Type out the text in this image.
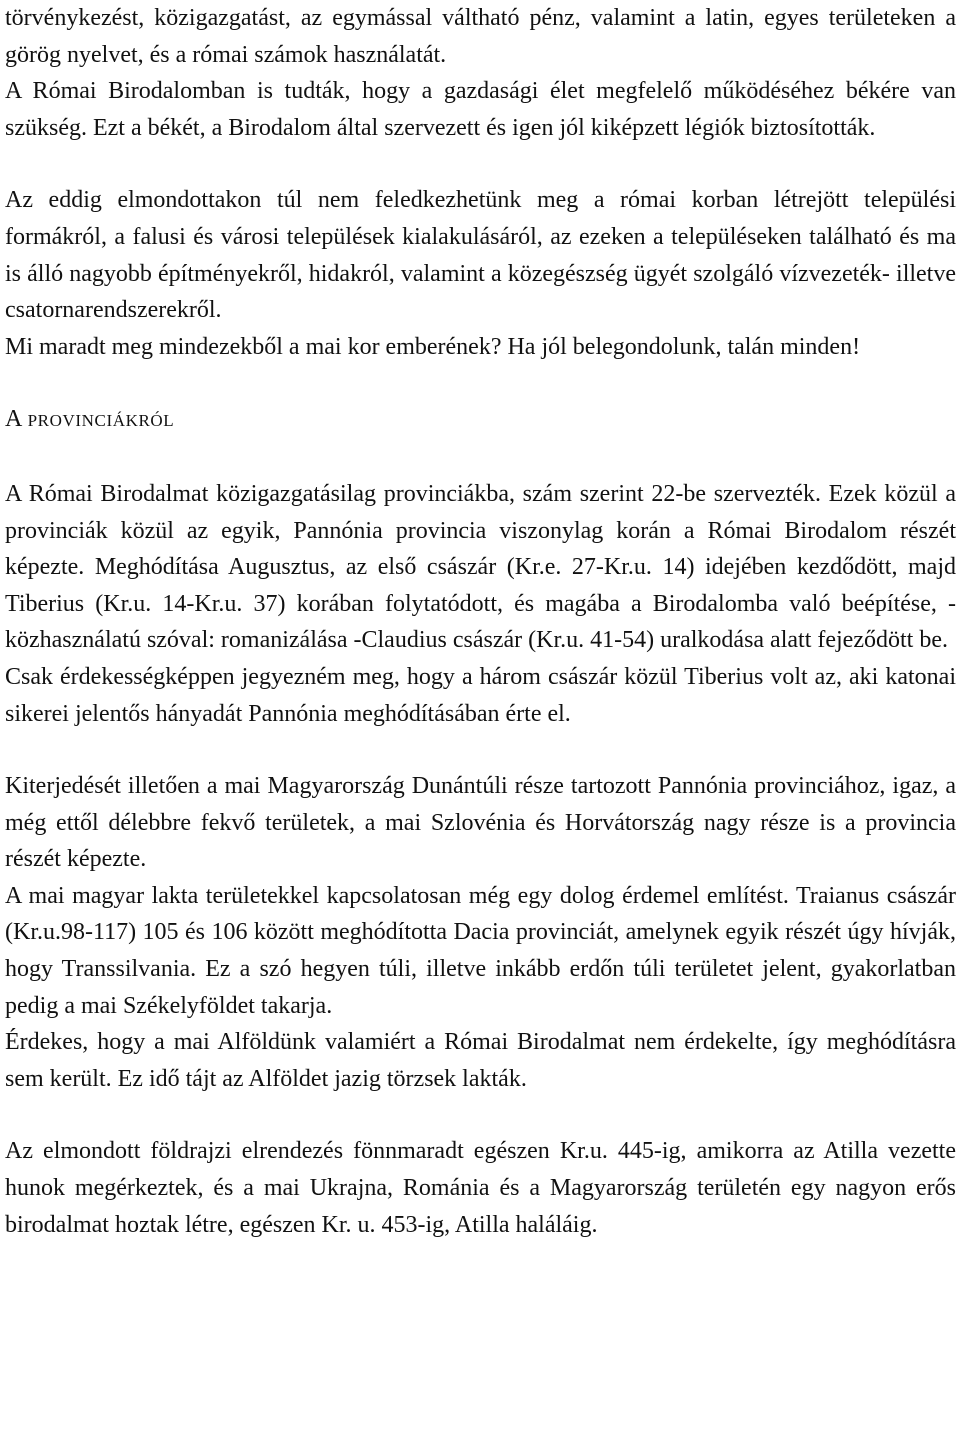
törvénykezést, közigazgatást, az egymással váltható pénz, valamint a latin, egyes területeken a görög nyelvet, és a római számok használatát.

A Római Birodalomban is tudták, hogy a gazdasági élet megfelelő működéséhez békére van szükség. Ezt a békét, a Birodalom által szervezett és igen jól kiképzett légiók biztosították.

Az eddig elmondottakon túl nem feledkezhetünk meg a római korban létrejött települési formákról, a falusi és városi települések kialakulásáról, az ezeken a településeken található és ma is álló nagyobb építményekről, hidakról, valamint a közegészség ügyét szolgáló vízvezeték- illetve csatornarendszerekről.

Mi maradt meg mindezekből a mai kor emberének? Ha jól belegondolunk, talán minden!

A PROVINCIÁKRÓL

A Római Birodalmat közigazgatásilag provinciákba, szám szerint 22-be szervezték. Ezek közül a provinciák közül az egyik, Pannónia provincia viszonylag korán a Római Birodalom részét képezte. Meghódítása Augusztus, az első császár (Kr.e. 27-Kr.u. 14) idejében kezdődött, majd Tiberius (Kr.u. 14-Kr.u. 37) korában folytatódott, és magába a Birodalomba való beépítése, - közhasználatú szóval: romanizálása -Claudius császár (Kr.u. 41-54) uralkodása alatt fejeződött be.

Csak érdekességképpen jegyezném meg, hogy a három császár közül Tiberius volt az, aki katonai sikerei jelentős hányadát Pannónia meghódításában érte el.

Kiterjedését illetően a mai Magyarország Dunántúli része tartozott Pannónia provinciához, igaz, a még ettől délebbre fekvő területek, a mai Szlovénia és Horvátország nagy része is a provincia részét képezte.

A mai magyar lakta területekkel kapcsolatosan még egy dolog érdemel említést. Traianus császár (Kr.u.98-117) 105 és 106 között meghódította Dacia provinciát, amelynek egyik részét úgy hívják, hogy Transsilvania. Ez a szó hegyen túli, illetve inkább erdőn túli területet jelent, gyakorlatban pedig a mai Székelyföldet takarja.

Érdekes, hogy a mai Alföldünk valamiért a Római Birodalmat nem érdekelte, így meghódításra sem került. Ez idő tájt az Alföldet jazig törzsek lakták.

Az elmondott földrajzi elrendezés fönnmaradt egészen Kr.u. 445-ig, amikorra az Atilla vezette hunok megérkeztek, és a mai Ukrajna, Románia és a Magyarország területén egy nagyon erős birodalmat hoztak létre, egészen Kr. u. 453-ig, Atilla haláláig.
